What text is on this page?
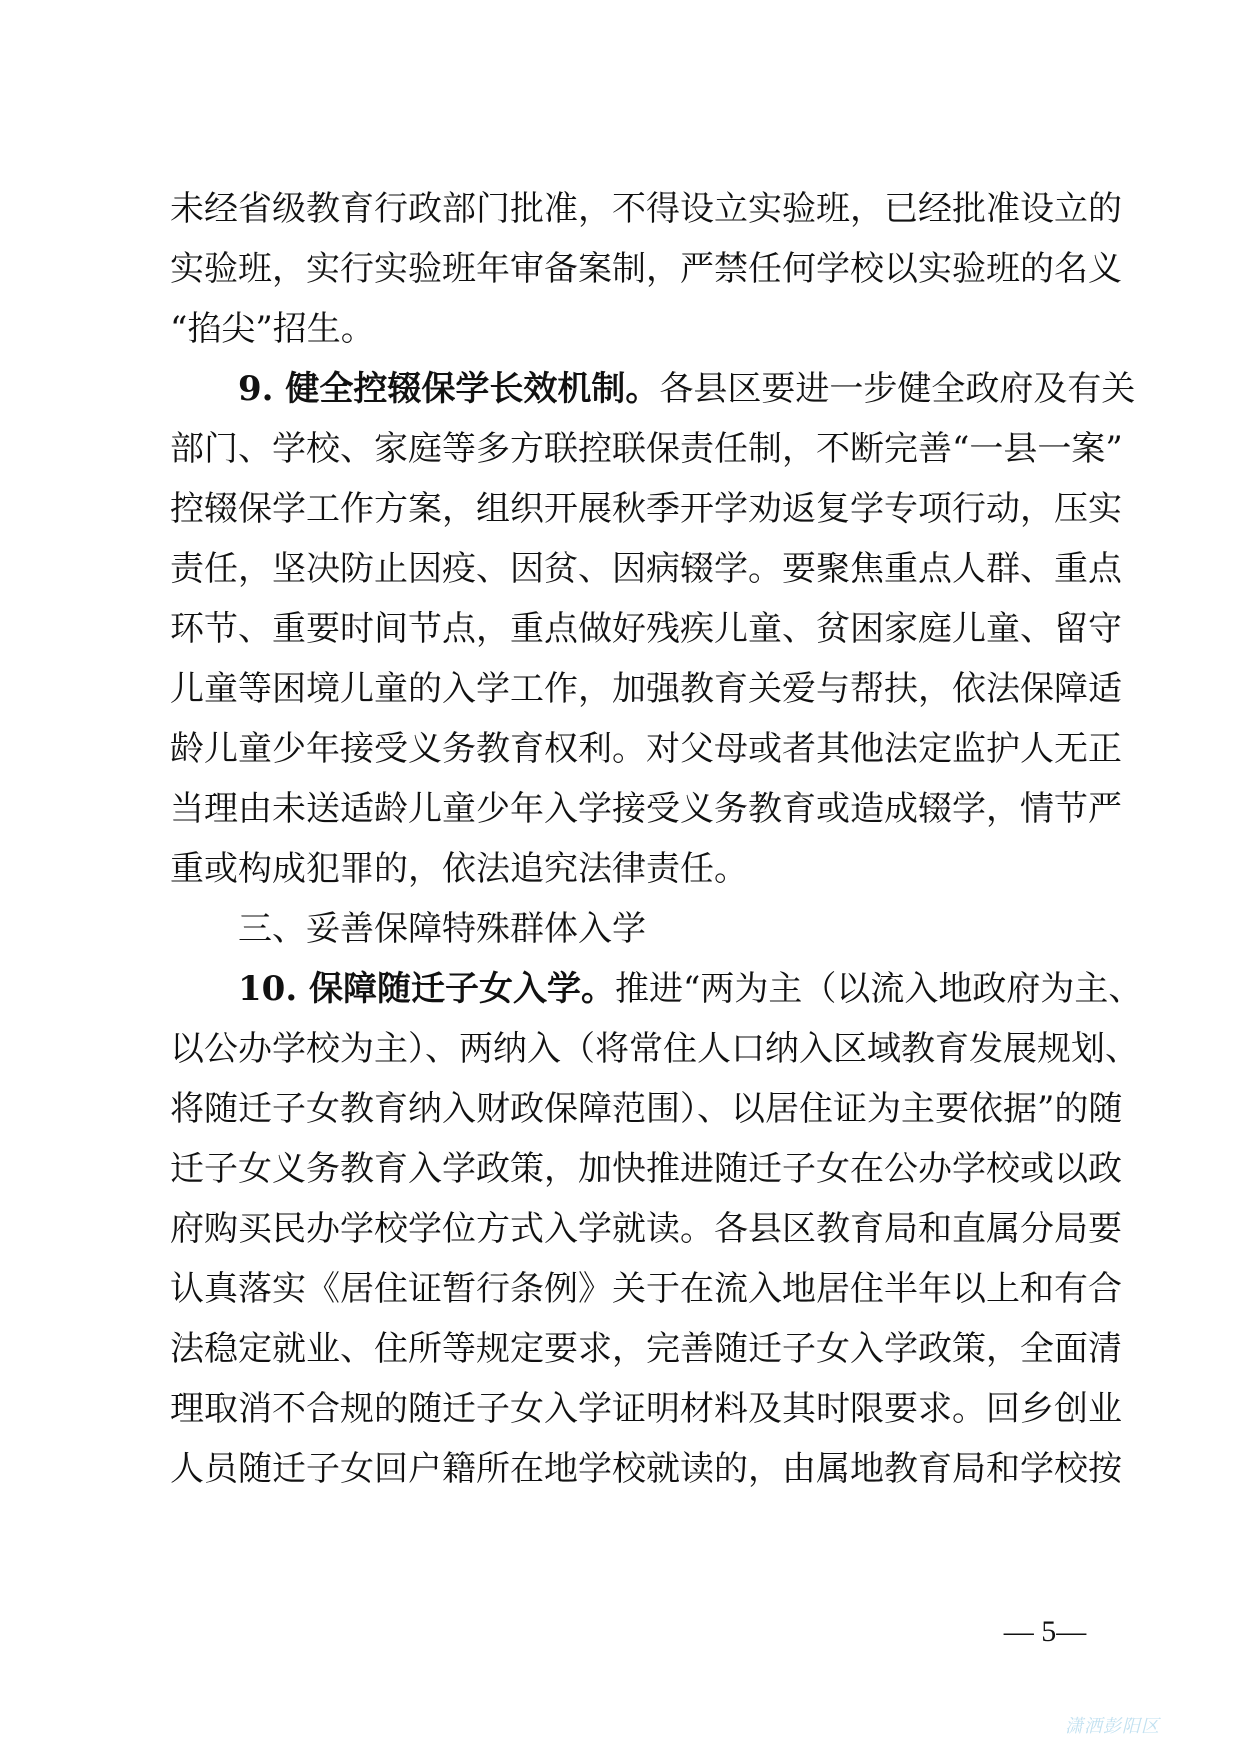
未经省级教育行政部门批准，不得设立实验班，已经批准设立的
实验班，实行实验班年审备案制，严禁任何学校以实验班的名义
“掐尖”招生。
9. 健全控辍保学长效机制。各县区要进一步健全政府及有关
部门、学校、家庭等多方联控联保责任制，不断完善“一县一案”
控辍保学工作方案，组织开展秋季开学劝返复学专项行动，压实
责任，坚决防止因疫、因贫、因病辍学。要聚焦重点人群、重点
环节、重要时间节点，重点做好残疾儿童、贫困家庭儿童、留守
儿童等困境儿童的入学工作，加强教育关爱与帮扶，依法保障适
龄儿童少年接受义务教育权利。对父母或者其他法定监护人无正
当理由未送适龄儿童少年入学接受义务教育或造成辍学，情节严
重或构成犯罪的，依法追究法律责任。
三、妥善保障特殊群体入学
10. 保障随迁子女入学。推进“两为主（以流入地政府为主、
以公办学校为主）、两纳入（将常住人口纳入区域教育发展规划、
将随迁子女教育纳入财政保障范围）、以居住证为主要依据”的随
迁子女义务教育入学政策，加快推进随迁子女在公办学校或以政
府购买民办学校学位方式入学就读。各县区教育局和直属分局要
认真落实《居住证暂行条例》关于在流入地居住半年以上和有合
法稳定就业、住所等规定要求，完善随迁子女入学政策，全面清
理取消不合规的随迁子女入学证明材料及其时限要求。回乡创业
人员随迁子女回户籍所在地学校就读的，由属地教育局和学校按
— 5—
潇洒彭阳区
